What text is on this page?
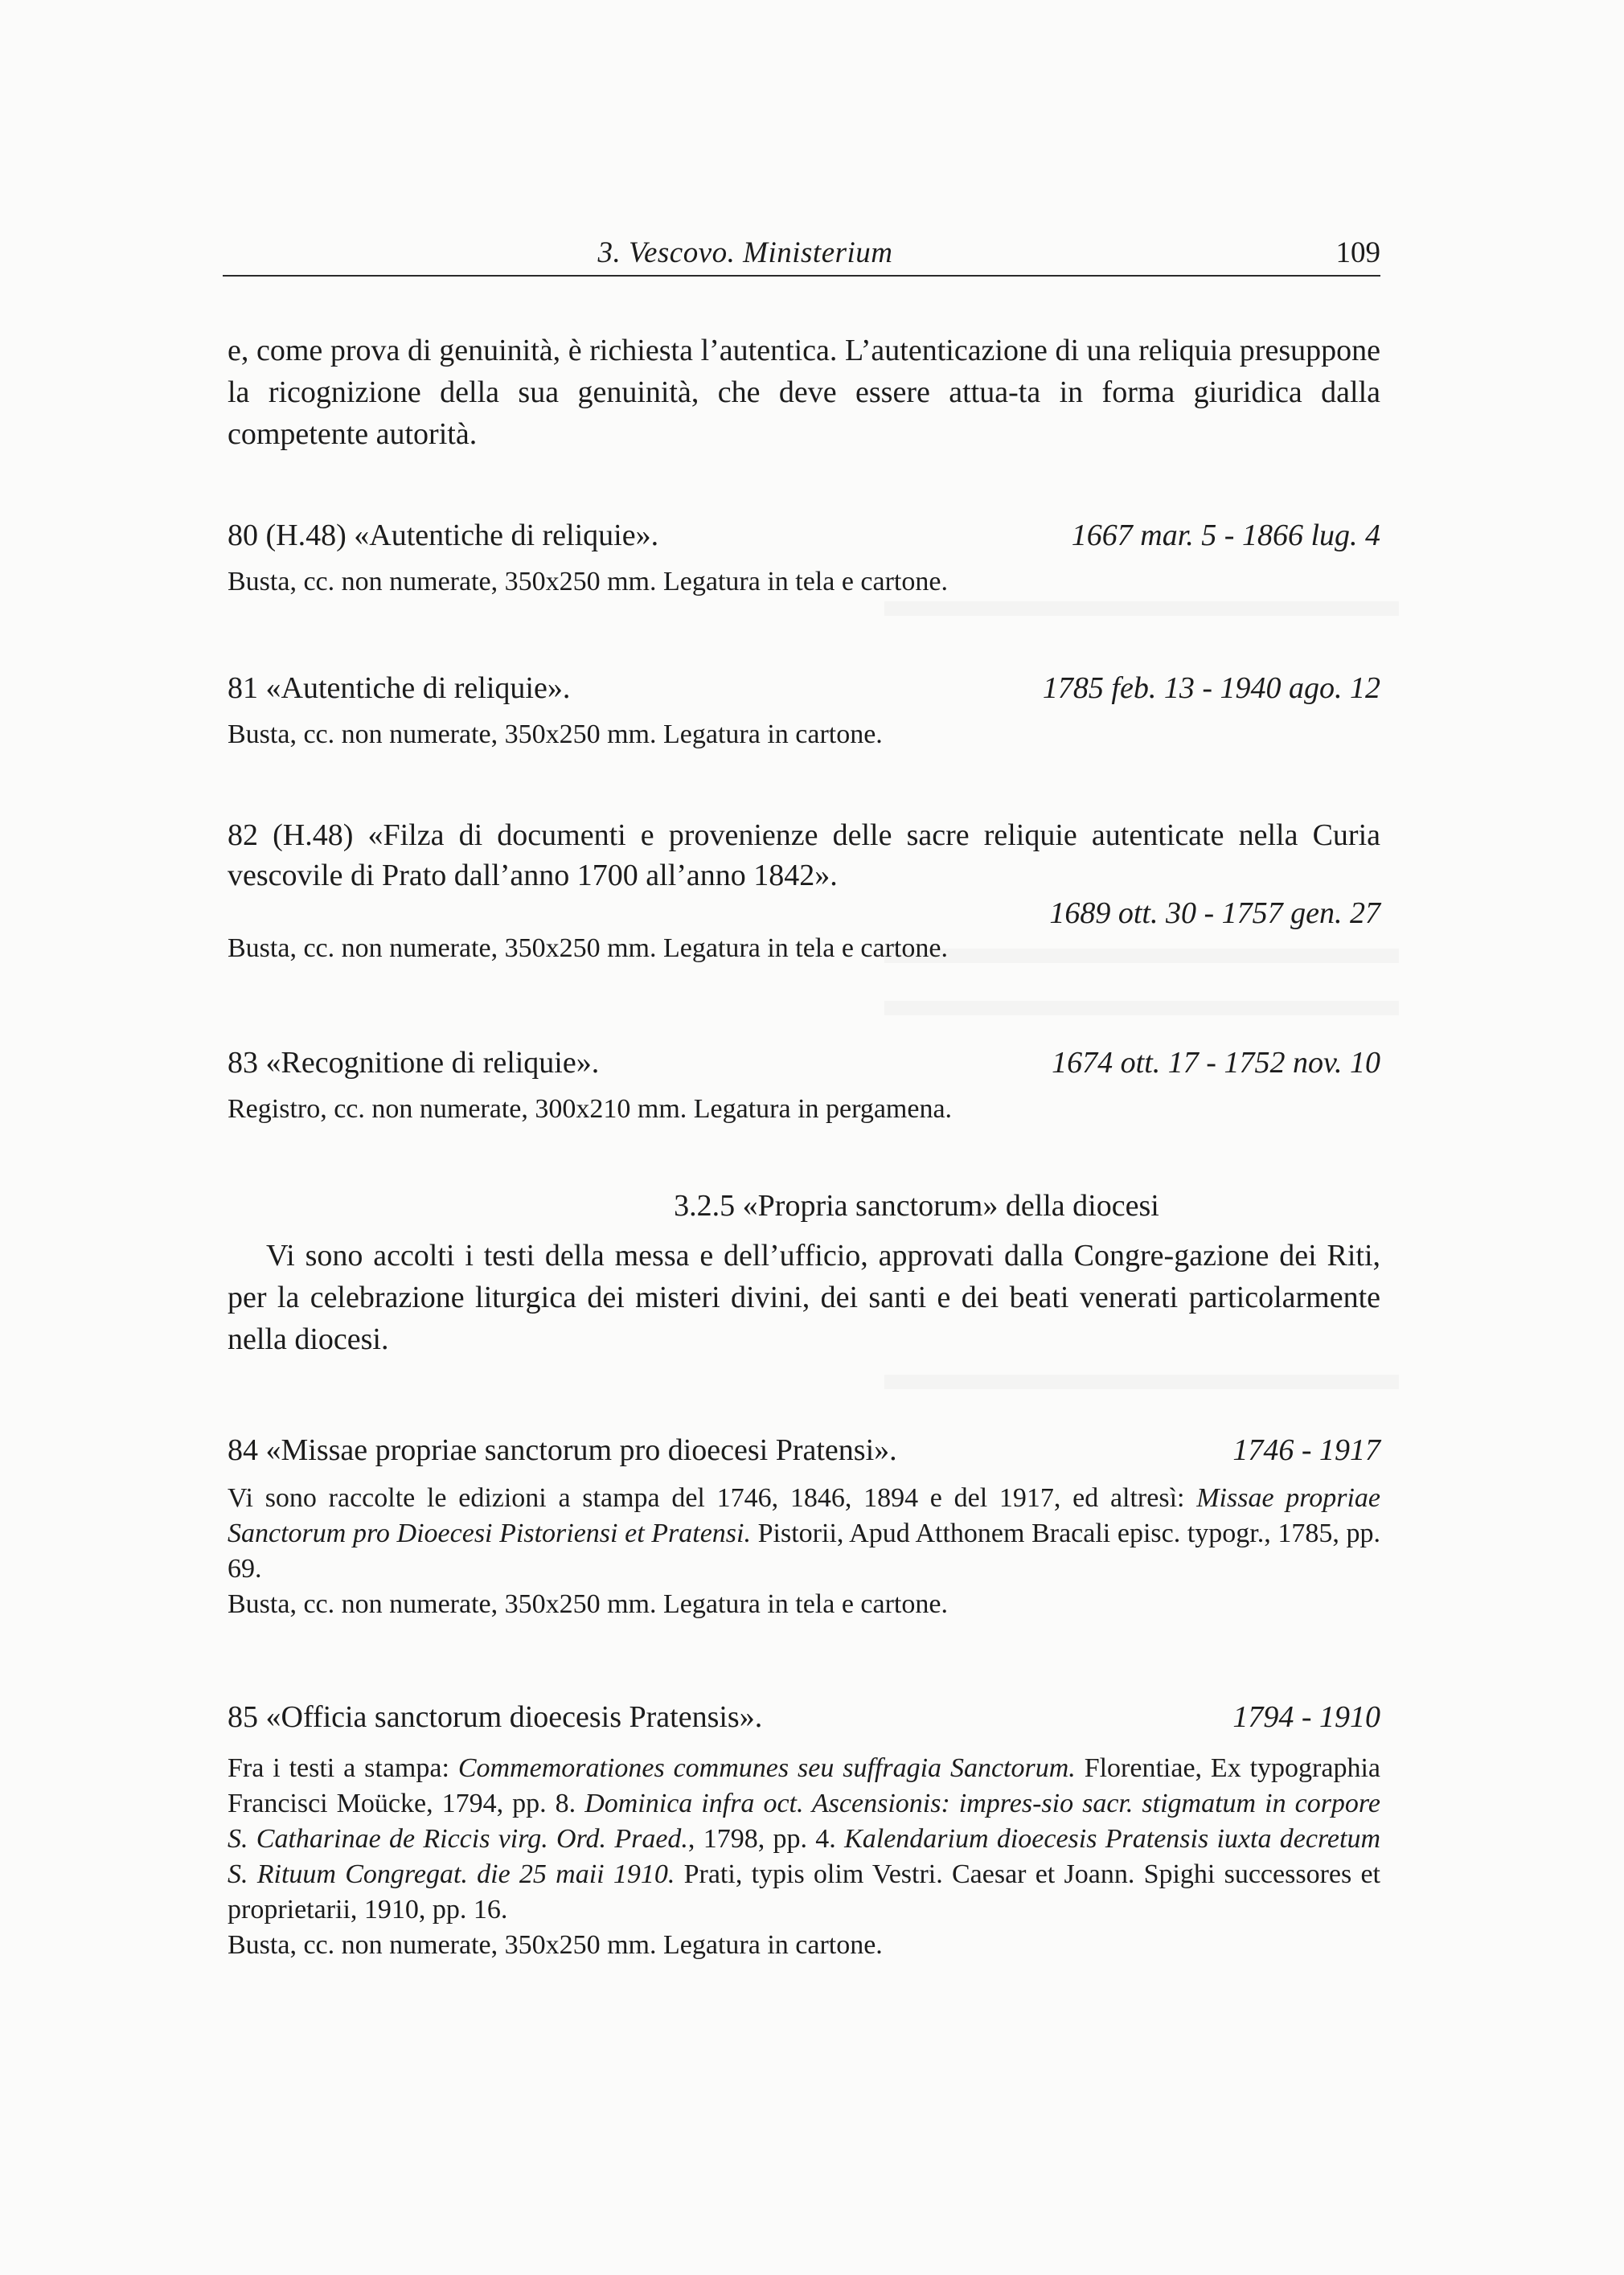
3. Vescovo. Ministerium	109
e, come prova di genuinità, è richiesta l’autentica. L’autenticazione di una reliquia presuppone la ricognizione della sua genuinità, che deve essere attua-ta in forma giuridica dalla competente autorità.
80 (H.48) «Autentiche di reliquie».	1667 mar. 5 - 1866 lug. 4
Busta, cc. non numerate, 350x250 mm. Legatura in tela e cartone.
81 «Autentiche di reliquie».	1785 feb. 13 - 1940 ago. 12
Busta, cc. non numerate, 350x250 mm. Legatura in cartone.
82 (H.48) «Filza di documenti e provenienze delle sacre reliquie autenticate nella Curia vescovile di Prato dall’anno 1700 all’anno 1842».
1689 ott. 30 - 1757 gen. 27
Busta, cc. non numerate, 350x250 mm. Legatura in tela e cartone.
83 «Recognitione di reliquie».	1674 ott. 17 - 1752 nov. 10
Registro, cc. non numerate, 300x210 mm. Legatura in pergamena.
3.2.5 «Propria sanctorum» della diocesi
Vi sono accolti i testi della messa e dell’ufficio, approvati dalla Congre-gazione dei Riti, per la celebrazione liturgica dei misteri divini, dei santi e dei beati venerati particolarmente nella diocesi.
84 «Missae propriae sanctorum pro dioecesi Pratensi».	1746 - 1917
Vi sono raccolte le edizioni a stampa del 1746, 1846, 1894 e del 1917, ed altresì: Missae propriae Sanctorum pro Dioecesi Pistoriensi et Pratensi. Pistorii, Apud Atthonem Bracali episc. typogr., 1785, pp. 69.
Busta, cc. non numerate, 350x250 mm. Legatura in tela e cartone.
85 «Officia sanctorum dioecesis Pratensis».	1794 - 1910
Fra i testi a stampa: Commemorationes communes seu suffragia Sanctorum. Florentiae, Ex typographia Francisci Moücke, 1794, pp. 8. Dominica infra oct. Ascensionis: impres-sio sacr. stigmatum in corpore S. Catharinae de Riccis virg. Ord. Praed., 1798, pp. 4. Kalendarium dioecesis Pratensis iuxta decretum S. Rituum Congregat. die 25 maii 1910. Prati, typis olim Vestri. Caesar et Joann. Spighi successores et proprietarii, 1910, pp. 16.
Busta, cc. non numerate, 350x250 mm. Legatura in cartone.
